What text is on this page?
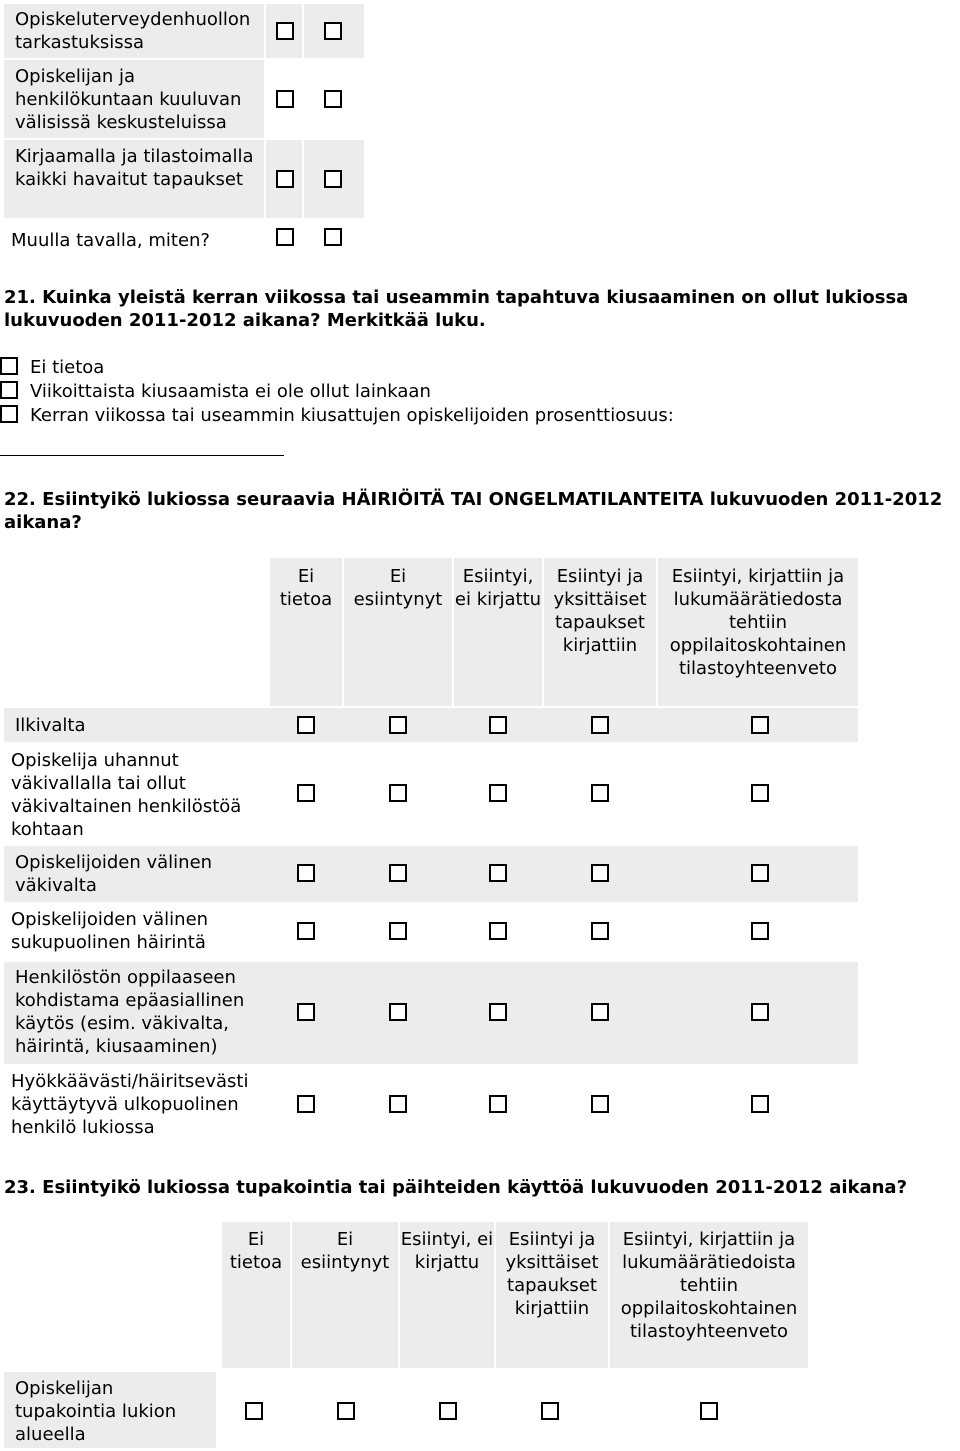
Opiskeluterveydenhuollon tarkastuksissa
Opiskelijan ja henkilökuntaan kuuluvan välisissä keskusteluissa
Kirjaamalla ja tilastoimalla kaikki havaitut tapaukset
Muulla tavalla, miten?
21. Kuinka yleistä kerran viikossa tai useammin tapahtuva kiusaaminen on ollut lukiossa lukuvuoden 2011-2012 aikana? Merkitkää luku.
Ei tietoa
Viikoittaista kiusaamista ei ole ollut lainkaan
Kerran viikossa tai useammin kiusattujen opiskelijoiden prosenttiosuus:
22. Esiintyikö lukiossa seuraavia HÄIRIÖITÄ TAI ONGELMATILANTEITA lukuvuoden 2011-2012 aikana?
Ei tietoa
Ei esiintynyt
Esiintyi, ei kirjattu
Esiintyi ja yksittäiset tapaukset kirjattiin
Esiintyi, kirjattiin ja lukumäärätiedosta tehtiin oppilaitoskohtainen tilastoyhteenveto
Ilkivalta
Opiskelija uhannut väkivallalla tai ollut väkivaltainen henkilöstöä kohtaan
Opiskelijoiden välinen väkivalta
Opiskelijoiden välinen sukupuolinen häirintä
Henkilöstön oppilaaseen kohdistama epäasiallinen käytös (esim. väkivalta, häirintä, kiusaaminen)
Hyökkäävästi/häiritsevästi käyttäytyvä ulkopuolinen henkilö lukiossa
23. Esiintyikö lukiossa tupakointia tai päihteiden käyttöä lukuvuoden 2011-2012 aikana?
Ei tietoa
Ei esiintynyt
Esiintyi, ei kirjattu
Esiintyi ja yksittäiset tapaukset kirjattiin
Esiintyi, kirjattiin ja lukumäärätiedoista tehtiin oppilaitoskohtainen tilastoyhteenveto
Opiskelijan tupakointia lukion alueella
